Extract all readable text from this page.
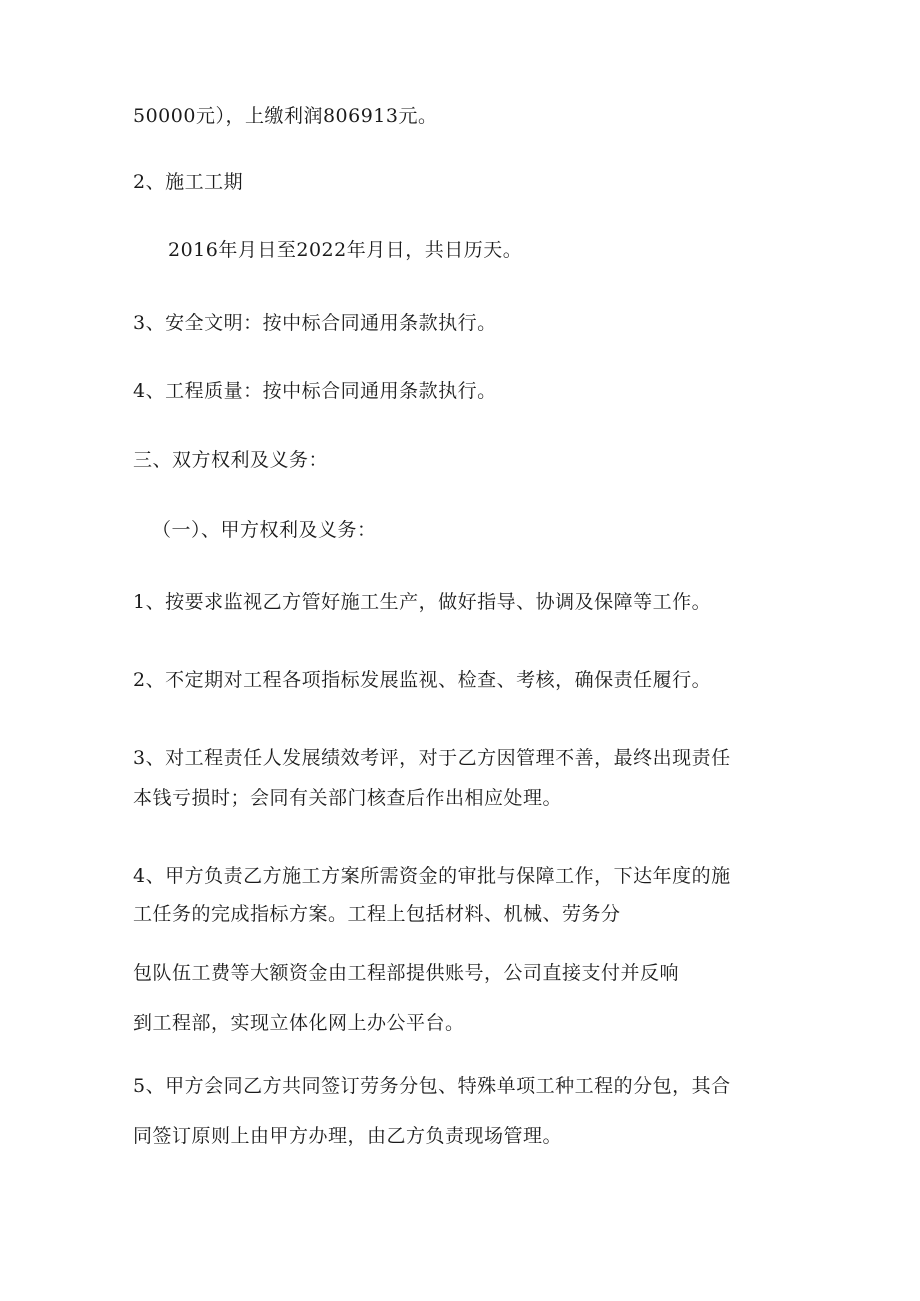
50000元），上缴利润806913元。
2、施工工期
2016年月日至2022年月日，共日历天。
3、安全文明：按中标合同通用条款执行。
4、工程质量：按中标合同通用条款执行。
三、双方权利及义务：
（一）、甲方权利及义务：
1、按要求监视乙方管好施工生产，做好指导、协调及保障等工作。
2、不定期对工程各项指标发展监视、检查、考核，确保责任履行。
3、对工程责任人发展绩效考评，对于乙方因管理不善，最终出现责任
本钱亏损时；会同有关部门核查后作出相应处理。
4、甲方负责乙方施工方案所需资金的审批与保障工作，下达年度的施
工任务的完成指标方案。工程上包括材料、机械、劳务分
包队伍工费等大额资金由工程部提供账号，公司直接支付并反响
到工程部，实现立体化网上办公平台。
5、甲方会同乙方共同签订劳务分包、特殊单项工种工程的分包，其合
同签订原则上由甲方办理，由乙方负责现场管理。
